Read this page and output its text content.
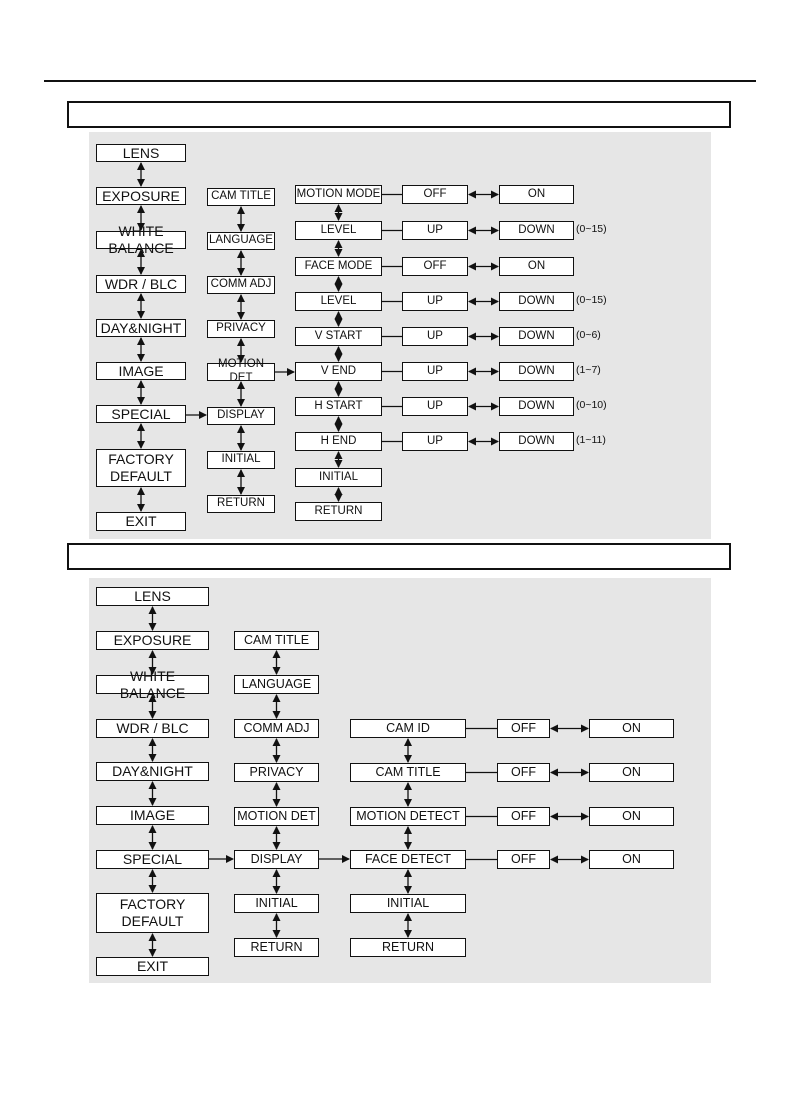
LENS
EXPOSURE
WHITE BALANCE
WDR / BLC
DAY&NIGHT
IMAGE
SPECIAL
FACTORY
DEFAULT
EXIT
CAM TITLE
LANGUAGE
COMM ADJ
PRIVACY
MOTION DET
DISPLAY
INITIAL
RETURN
MOTION MODE	OFF	ON
LEVEL	UP	DOWN	(0~15)
FACE MODE	OFF	ON
LEVEL	UP	DOWN	(0~15)
V START	UP	DOWN	(0~6)
V END	UP	DOWN	(1~7)
H START	UP	DOWN	(0~10)
H END	UP	DOWN	(1~11)
INITIAL
RETURN
LENS
EXPOSURE
WHITE BALANCE
WDR / BLC
DAY&NIGHT
IMAGE
SPECIAL
FACTORY
DEFAULT
EXIT
CAM TITLE
LANGUAGE
COMM ADJ
PRIVACY
MOTION DET
DISPLAY
INITIAL
RETURN
CAM ID	OFF	ON
CAM TITLE	OFF	ON
MOTION DETECT	OFF	ON
FACE DETECT	OFF	ON
INITIAL
RETURN
